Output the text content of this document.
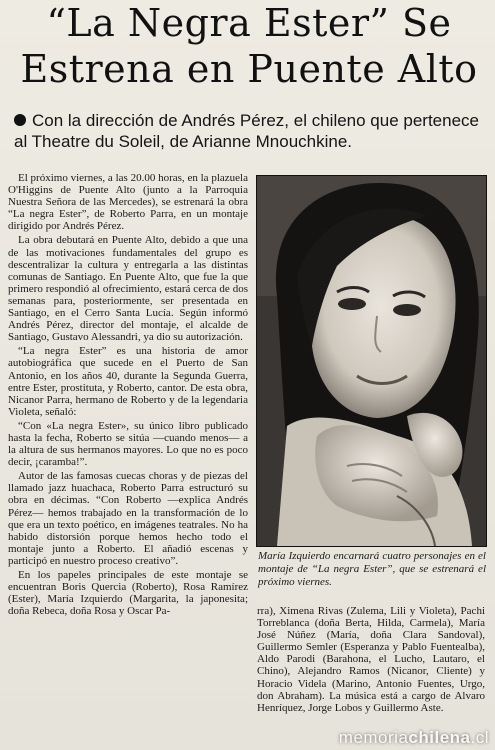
“La Negra Ester” Se
Estrena en Puente Alto
Con la dirección de Andrés Pérez, el chileno que pertenece al Theatre du Soleil, de Arianne Mnouchkine.

El próximo viernes, a las 20.00 horas, en la plazuela O'Higgins de Puente Alto (junto a la Parroquia Nuestra Señora de las Mercedes), se estrenará la obra “La negra Ester”, de Roberto Parra, en un montaje dirigido por Andrés Pérez.

La obra debutará en Puente Alto, debido a que una de las motivaciones fundamentales del grupo es descentralizar la cultura y entregarla a las distintas comunas de Santiago. En Puente Alto, que fue la que primero respondió al ofrecimiento, estará cerca de dos semanas para, posteriormente, ser presentada en Santiago, en el Cerro Santa Lucía. Según informó Andrés Pérez, director del montaje, el alcalde de Santiago, Gustavo Alessandri, ya dio su autorización.

“La negra Ester” es una historia de amor autobiográfica que sucede en el Puerto de San Antonio, en los años 40, durante la Segunda Guerra, entre Ester, prostituta, y Roberto, cantor. De esta obra, Nicanor Parra, hermano de Roberto y de la legendaria Violeta, señaló:

“Con «La negra Ester», su único libro publicado hasta la fecha, Roberto se sitúa —cuando menos— a la altura de sus hermanos mayores. Lo que no es poco decir, ¡caramba!”.

Autor de las famosas cuecas choras y de piezas del llamado jazz huachaca, Roberto Parra estructuró su obra en décimas. “Con Roberto —explica Andrés Pérez— hemos trabajado en la transformación de lo que era un texto poético, en imágenes teatrales. No ha habido distorsión porque hemos hecho todo el montaje junto a Roberto. El añadió escenas y participó en nuestro proceso creativo”.

En los papeles principales de este montaje se encuentran Boris Quercia (Roberto), Rosa Ramírez (Ester), María Izquierdo (Margarita, la japonesita; doña Rebeca, doña Rosa y Oscar Pa-

María Izquierdo encarnará cuatro personajes en el montaje de “La negra Ester”, que se estrenará el próximo viernes.

rra), Ximena Rivas (Zulema, Lili y Violeta), Pachi Torreblanca (doña Berta, Hilda, Carmela), María José Núñez (María, doña Clara Sandoval), Guillermo Semler (Esperanza y Pablo Fuentealba), Aldo Parodi (Barahona, el Lucho, Lautaro, el Chino), Alejandro Ramos (Nicanor, Cliente) y Horacio Videla (Marino, Antonio Fuentes, Urgo, don Abraham). La música está a cargo de Alvaro Henríquez, Jorge Lobos y Guillermo Aste.

memoriachilena.cl
